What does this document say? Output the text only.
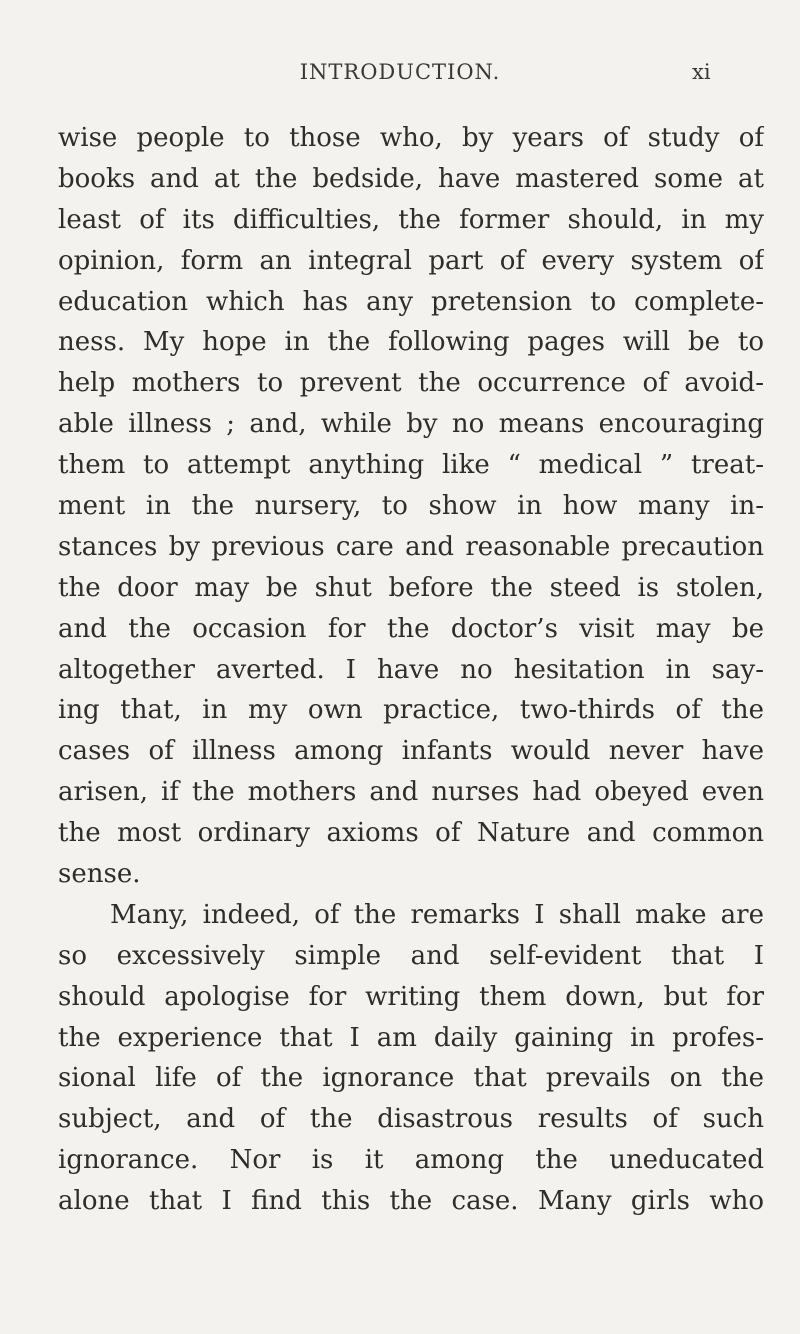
INTRODUCTION.	xi
wise people to those who, by years of study of
books and at the bedside, have mastered some at
least of its difficulties, the former should, in my
opinion, form an integral part of every system of
education which has any pretension to complete-
ness. My hope in the following pages will be to
help mothers to prevent the occurrence of avoid-
able illness ; and, while by no means encouraging
them to attempt anything like “ medical ” treat-
ment in the nursery, to show in how many in-
stances by previous care and reasonable precaution
the door may be shut before the steed is stolen,
and the occasion for the doctor’s visit may be
altogether averted. I have no hesitation in say-
ing that, in my own practice, two-thirds of the
cases of illness among infants would never have
arisen, if the mothers and nurses had obeyed even
the most ordinary axioms of Nature and common
sense.
Many, indeed, of the remarks I shall make are
so excessively simple and self-evident that I
should apologise for writing them down, but for
the experience that I am daily gaining in profes-
sional life of the ignorance that prevails on the
subject, and of the disastrous results of such
ignorance. Nor is it among the uneducated
alone that I find this the case. Many girls who
